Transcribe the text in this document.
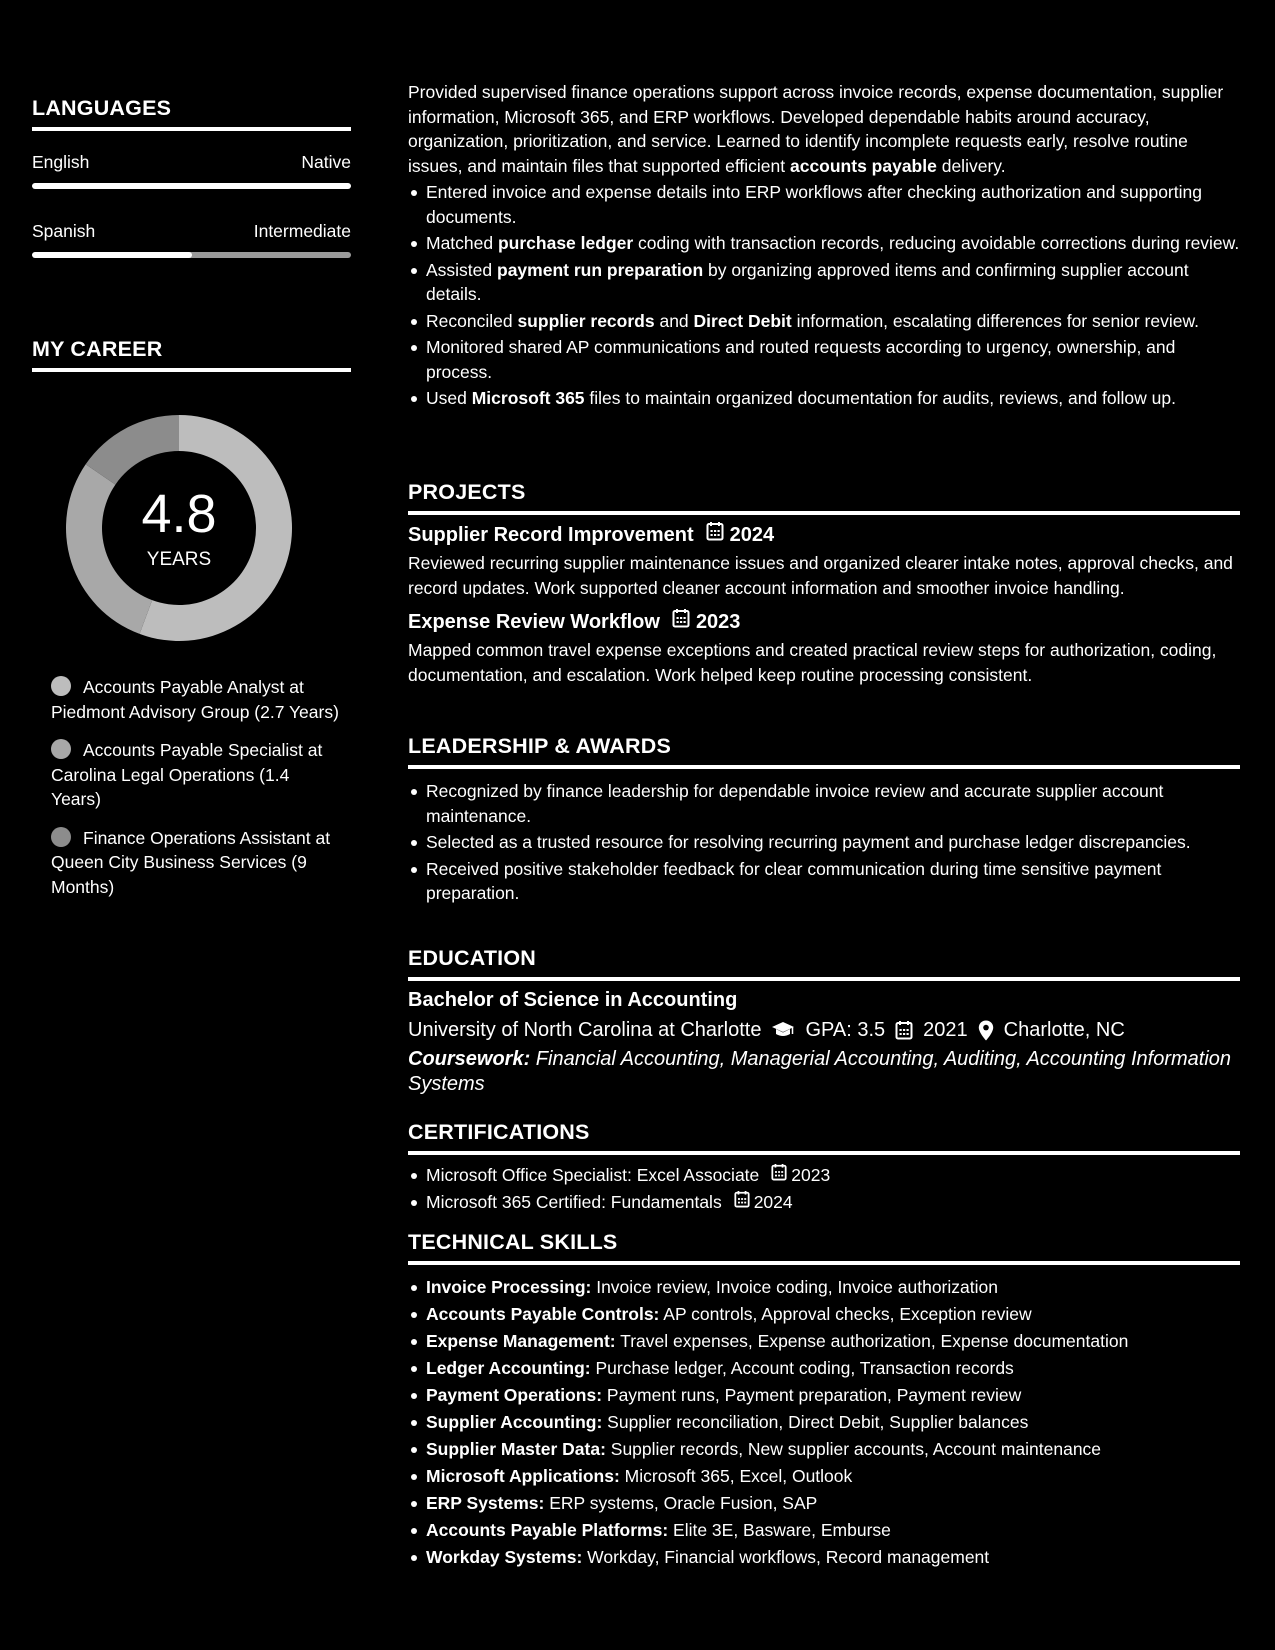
LANGUAGES
English	Native
Spanish	Intermediate
MY CAREER
4.8
YEARS
Accounts Payable Analyst at Piedmont Advisory Group (2.7 Years)
Accounts Payable Specialist at Carolina Legal Operations (1.4 Years)
Finance Operations Assistant at Queen City Business Services (9 Months)

Provided supervised finance operations support across invoice records, expense documentation, supplier information, Microsoft 365, and ERP workflows. Developed dependable habits around accuracy, organization, prioritization, and service. Learned to identify incomplete requests early, resolve routine issues, and maintain files that supported efficient accounts payable delivery.

Entered invoice and expense details into ERP workflows after checking authorization and supporting documents.
Matched purchase ledger coding with transaction records, reducing avoidable corrections during review.
Assisted payment run preparation by organizing approved items and confirming supplier account details.
Reconciled supplier records and Direct Debit information, escalating differences for senior review.
Monitored shared AP communications and routed requests according to urgency, ownership, and process.
Used Microsoft 365 files to maintain organized documentation for audits, reviews, and follow up.
PROJECTS
Supplier Record Improvement 2024

Reviewed recurring supplier maintenance issues and organized clearer intake notes, approval checks, and record updates. Work supported cleaner account information and smoother invoice handling.

Expense Review Workflow 2023

Mapped common travel expense exceptions and created practical review steps for authorization, coding, documentation, and escalation. Work helped keep routine processing consistent.

LEADERSHIP & AWARDS
Recognized by finance leadership for dependable invoice review and accurate supplier account maintenance.
Selected as a trusted resource for resolving recurring payment and purchase ledger discrepancies.
Received positive stakeholder feedback for clear communication during time sensitive payment preparation.
EDUCATION
Bachelor of Science in Accounting
University of North Carolina at Charlotte GPA: 3.5 2021 Charlotte, NC

Coursework: Financial Accounting, Managerial Accounting, Auditing, Accounting Information Systems

CERTIFICATIONS
Microsoft Office Specialist: Excel Associate 2023
Microsoft 365 Certified: Fundamentals 2024
TECHNICAL SKILLS
Invoice Processing: Invoice review, Invoice coding, Invoice authorization
Accounts Payable Controls: AP controls, Approval checks, Exception review
Expense Management: Travel expenses, Expense authorization, Expense documentation
Ledger Accounting: Purchase ledger, Account coding, Transaction records
Payment Operations: Payment runs, Payment preparation, Payment review
Supplier Accounting: Supplier reconciliation, Direct Debit, Supplier balances
Supplier Master Data: Supplier records, New supplier accounts, Account maintenance
Microsoft Applications: Microsoft 365, Excel, Outlook
ERP Systems: ERP systems, Oracle Fusion, SAP
Accounts Payable Platforms: Elite 3E, Basware, Emburse
Workday Systems: Workday, Financial workflows, Record management
